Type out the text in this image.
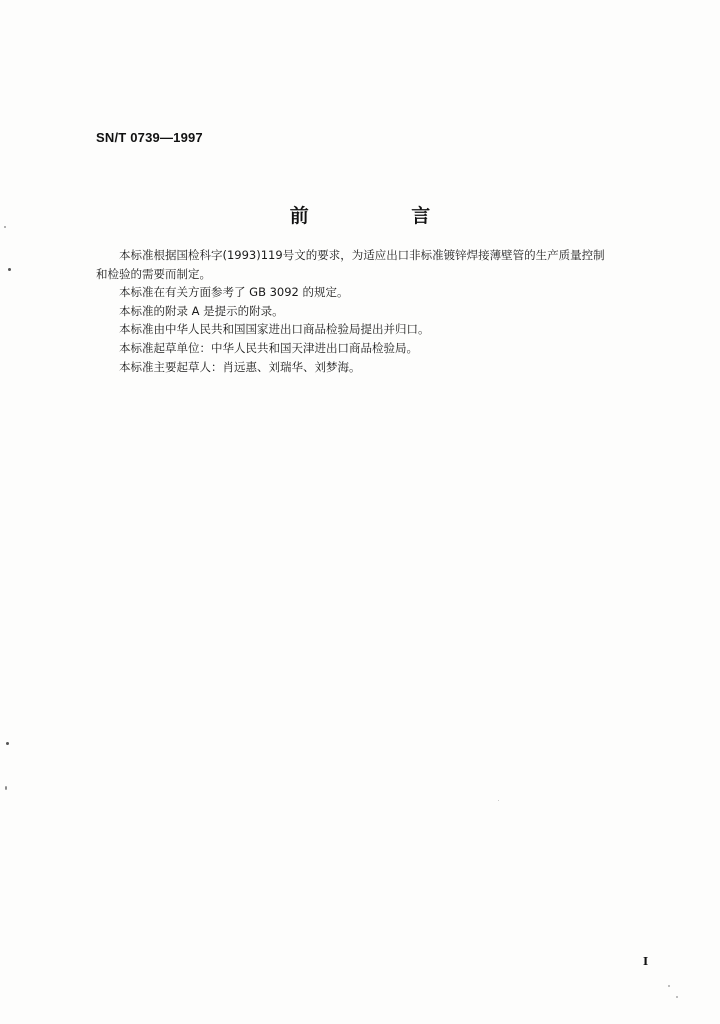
SN/T 0739—1997
前 言

本标准根据国检科字(1993)119号文的要求，为适应出口非标准镀锌焊接薄壁管的生产质量控制

和检验的需要而制定。

本标准在有关方面参考了 GB 3092 的规定。

本标准的附录 A 是提示的附录。

本标准由中华人民共和国国家进出口商品检验局提出并归口。

本标准起草单位：中华人民共和国天津进出口商品检验局。

本标准主要起草人：肖远惠、刘瑞华、刘梦海。

I
